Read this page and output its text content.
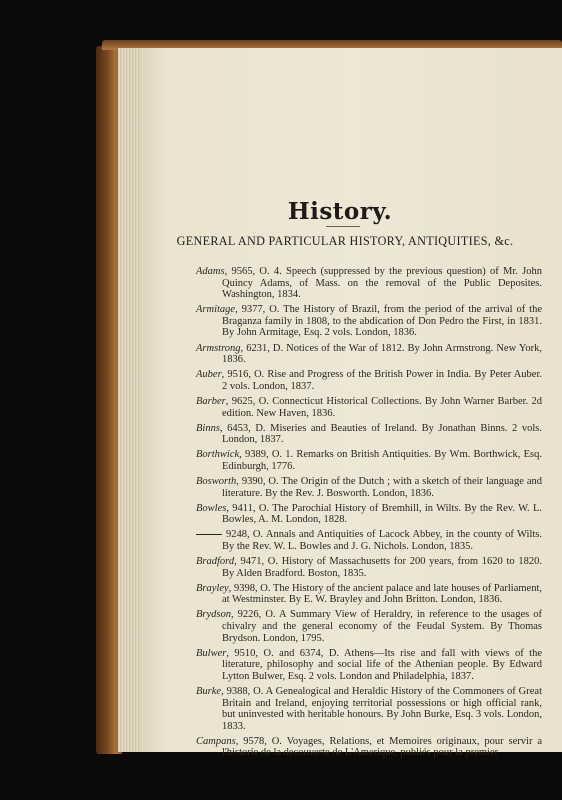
History.
GENERAL AND PARTICULAR HISTORY, ANTIQUITIES, &c.

Adams, 9565, O. 4. Speech (suppressed by the previous question) of Mr. John Quincy Adams, of Mass. on the removal of the Public Deposites. Washington, 1834.

Armitage, 9377, O. The History of Brazil, from the period of the arrival of the Braganza family in 1808, to the abdication of Don Pedro the First, in 1831. By John Armitage, Esq. 2 vols. London, 1836.

Armstrong, 6231, D. Notices of the War of 1812. By John Armstrong. New York, 1836.

Auber, 9516, O. Rise and Progress of the British Power in India. By Peter Auber. 2 vols. London, 1837.

Barber, 9625, O. Connecticut Historical Collections. By John Warner Barber. 2d edition. New Haven, 1836.

Binns, 6453, D. Miseries and Beauties of Ireland. By Jonathan Binns. 2 vols. London, 1837.

Borthwick, 9389, O. 1. Remarks on British Antiquities. By Wm. Borthwick, Esq. Edinburgh, 1776.

Bosworth, 9390, O. The Origin of the Dutch ; with a sketch of their language and literature. By the Rev. J. Bosworth. London, 1836.

Bowles, 9411, O. The Parochial History of Bremhill, in Wilts. By the Rev. W. L. Bowles, A. M. London, 1828.

9248, O. Annals and Antiquities of Lacock Abbey, in the county of Wilts. By the Rev. W. L. Bowles and J. G. Nichols. London, 1835.

Bradford, 9471, O. History of Massachusetts for 200 years, from 1620 to 1820. By Alden Bradford. Boston, 1835.

Brayley, 9398, O. The History of the ancient palace and late houses of Parliament, at Westminster. By E. W. Brayley and John Britton. London, 1836.

Brydson, 9226, O. A Summary View of Heraldry, in reference to the usages of chivalry and the general economy of the Feudal System. By Thomas Brydson. London, 1795.

Bulwer, 9510, O. and 6374, D. Athens—Its rise and fall with views of the literature, philosophy and social life of the Athenian people. By Edward Lytton Bulwer, Esq. 2 vols. London and Philadelphia, 1837.

Burke, 9388, O. A Genealogical and Heraldic History of the Commoners of Great Britain and Ireland, enjoying territorial possessions or high official rank, but uninvested with heritable honours. By John Burke, Esq. 3 vols. London, 1833.

Campans, 9578, O. Voyages, Relations, et Memoires originaux, pour servir a l'historie de la decouverte de L'Amerique, publiés pour la premier
